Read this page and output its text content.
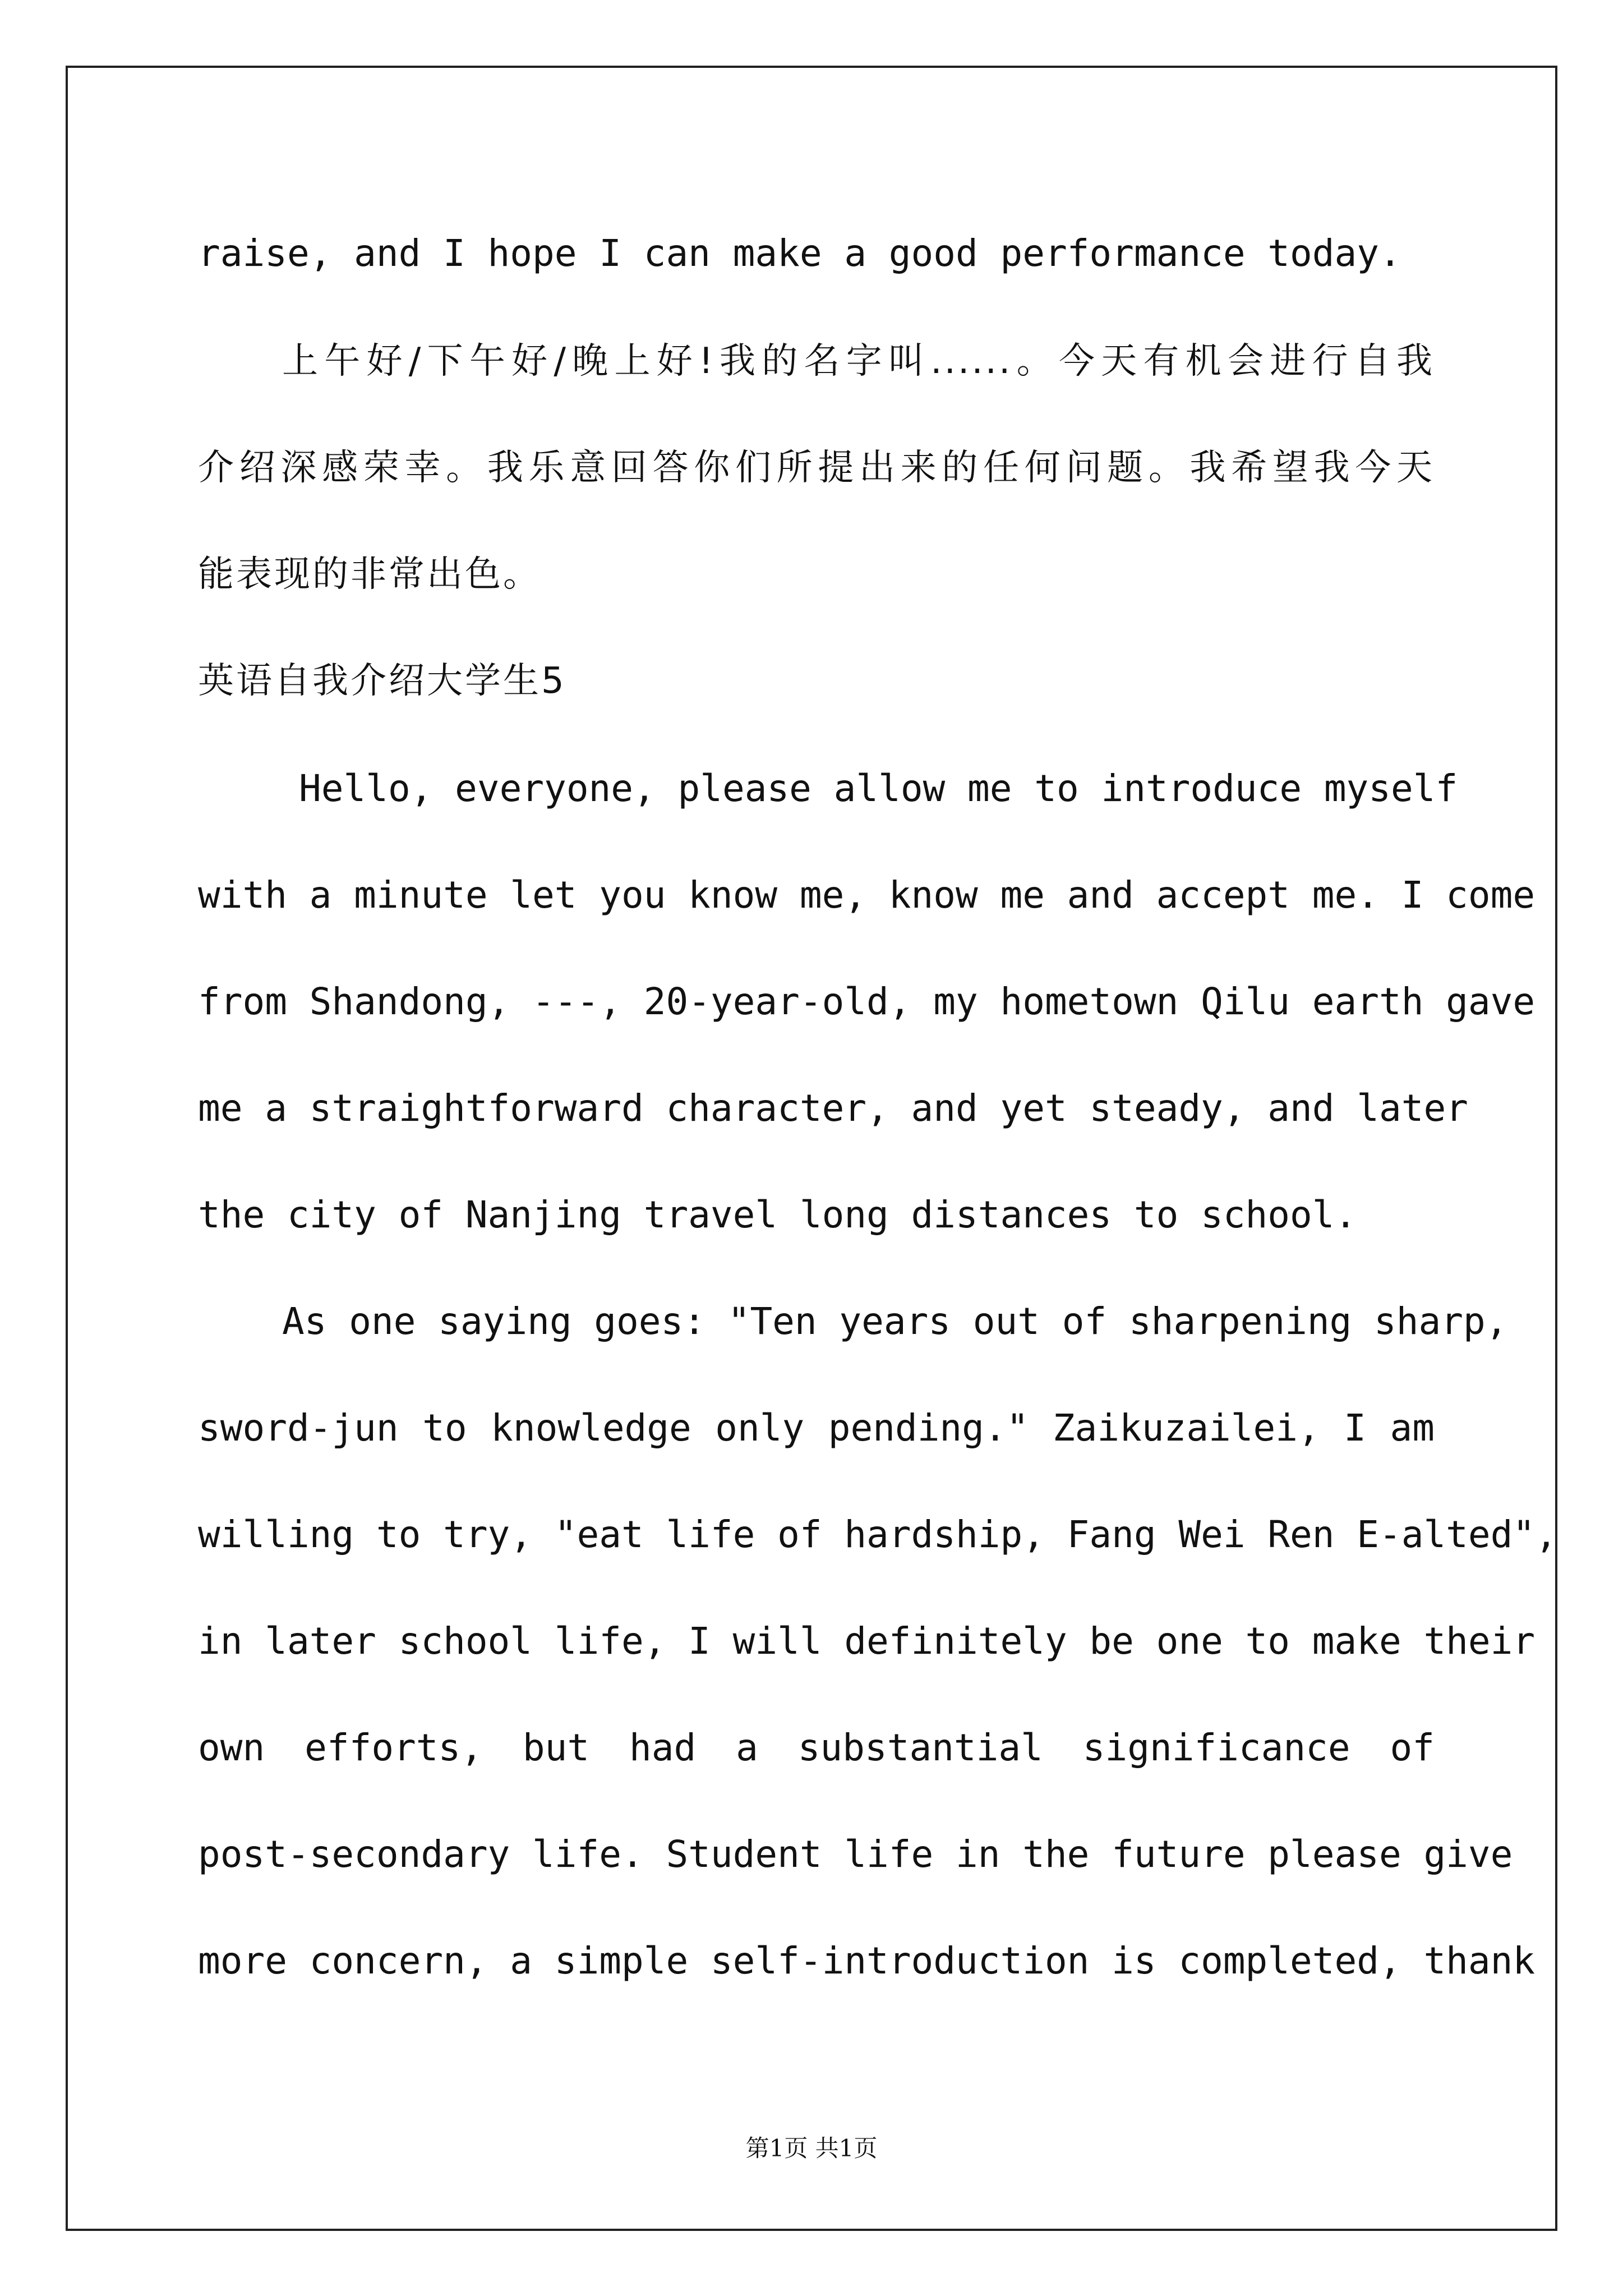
raise, and I hope I can make a good performance today.

上午好/下午好/晚上好!我的名字叫......。今天有机会进行自我

介绍深感荣幸。我乐意回答你们所提出来的任何问题。我希望我今天

能表现的非常出色。

英语自我介绍大学生5

Hello, everyone, please allow me to introduce myself

with a minute let you know me, know me and accept me. I come

from Shandong, ---, 20-year-old, my hometown Qilu earth gave

me a straightforward character, and yet steady, and later

the city of Nanjing travel long distances to school.

As one saying goes: "Ten years out of sharpening sharp,

sword-jun to knowledge only pending." Zaikuzailei, I am

willing to try, "eat life of hardship, Fang Wei Ren E-alted",

in later school life, I will definitely be one to make their

own efforts, but had a substantial significance of

post-secondary life. Student life in the future please give

more concern, a simple self-introduction is completed, thank

第1页 共1页
